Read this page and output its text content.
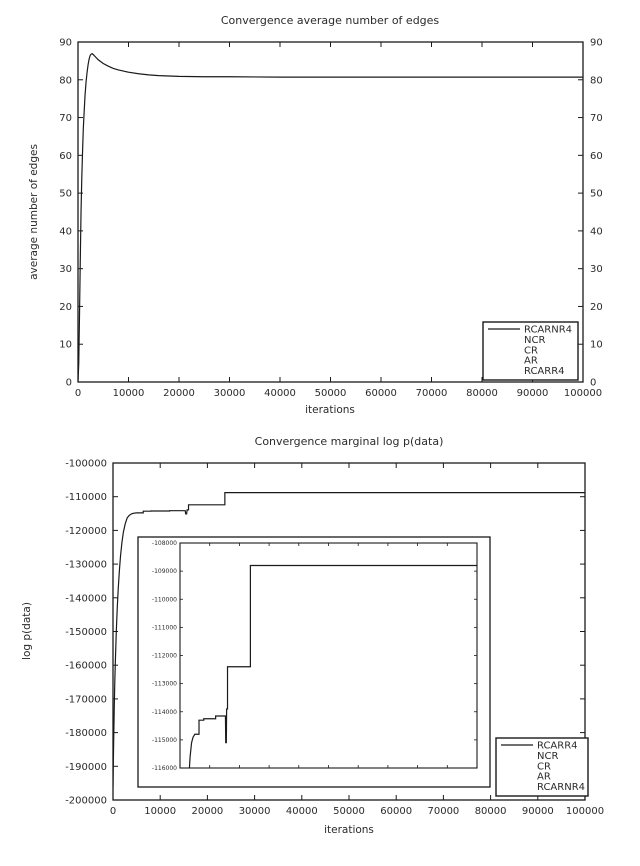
Convergence average number of edges
iterations
average number of edges
0	10000 20000 30000 40000 50000 60000 70000 80000 90000 100000
0	0
10	10
20	20
30	30
40	40
50	50
60	60
70	70
80	80
90	90
RCARNR4
NCR
CR
AR
RCARR4
Convergence marginal log p(data)
iterations
log p(data)
0	10000 20000 30000 40000 50000 60000 70000 80000 90000 100000
-200000
-190000
-180000
-170000
-160000
-150000
-140000
-130000
-120000
-110000
-100000
-108000
-109000
-110000
-111000
-112000
-113000
-114000
-115000
-116000
RCARR4
NCR
CR
AR
RCARNR4
